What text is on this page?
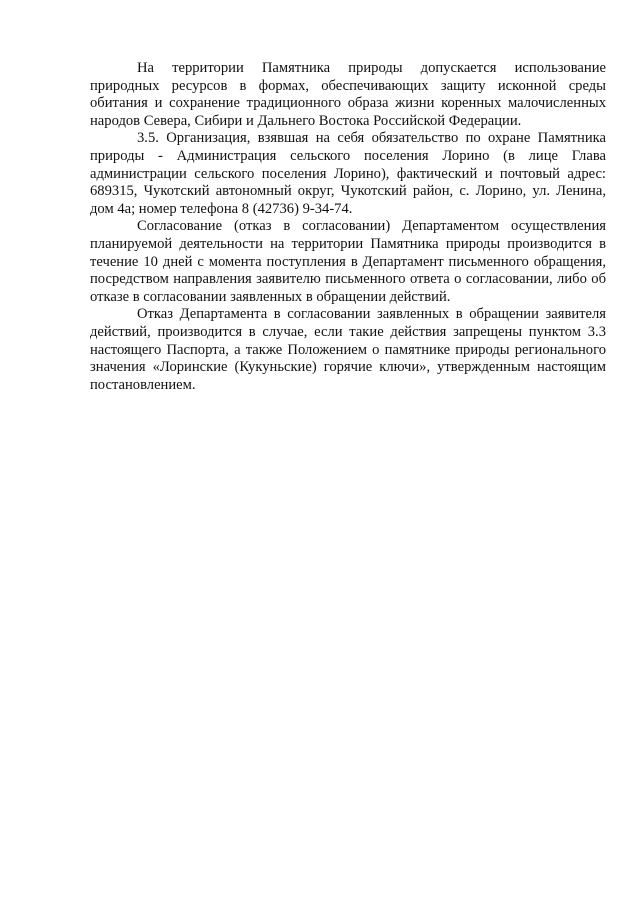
На территории Памятника природы допускается использование природных ресурсов в формах, обеспечивающих защиту исконной среды обитания и сохранение традиционного образа жизни коренных малочисленных народов Севера, Сибири и Дальнего Востока Российской Федерации.

3.5. Организация, взявшая на себя обязательство по охране Памятника природы - Администрация сельского поселения Лорино (в лице Глава администрации сельского поселения Лорино), фактический и почтовый адрес: 689315, Чукотский автономный округ, Чукотский район, с. Лорино, ул. Ленина, дом 4а; номер телефона 8 (42736) 9-34-74.

Согласование (отказ в согласовании) Департаментом осуществления планируемой деятельности на территории Памятника природы производится в течение 10 дней с момента поступления в Департамент письменного обращения, посредством направления заявителю письменного ответа о согласовании, либо об отказе в согласовании заявленных в обращении действий.

Отказ Департамента в согласовании заявленных в обращении заявителя действий, производится в случае, если такие действия запрещены пунктом 3.3 настоящего Паспорта, а также Положением о памятнике природы регионального значения «Лоринские (Кукуньские) горячие ключи», утвержденным настоящим постановлением.
